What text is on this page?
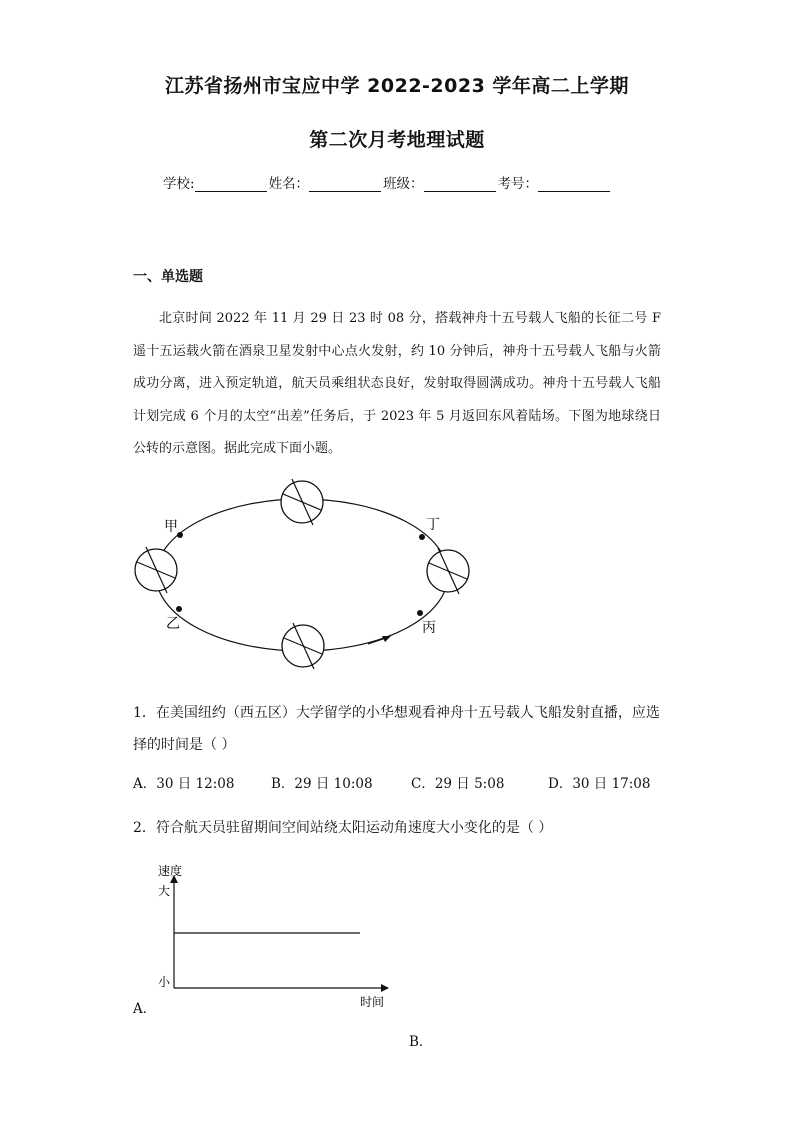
江苏省扬州市宝应中学 2022-2023 学年高二上学期
第二次月考地理试题
学校:	姓名：	班级：	考号：
一、单选题
北京时间 2022 年 11 月 29 日 23 时 08 分，搭载神舟十五号载人飞船的长征二号 F 遥十五运载火箭在酒泉卫星发射中心点火发射，约 10 分钟后，神舟十五号载人飞船与火箭成功分离，进入预定轨道，航天员乘组状态良好，发射取得圆满成功。神舟十五号载人飞船计划完成 6 个月的太空“出差”任务后，于 2023 年 5 月返回东风着陆场。下图为地球绕日公转的示意图。据此完成下面小题。
甲
乙	丙
丁
1．在美国纽约（西五区）大学留学的小华想观看神舟十五号载人飞船发射直播，应选择的时间是（ ）
A．30 日 12:08	B．29 日 10:08	C．29 日 5:08	D．30 日 17:08
2．符合航天员驻留期间空间站绕太阳运动角速度大小变化的是（ ）
速度
大
小
时间
A．
B．
